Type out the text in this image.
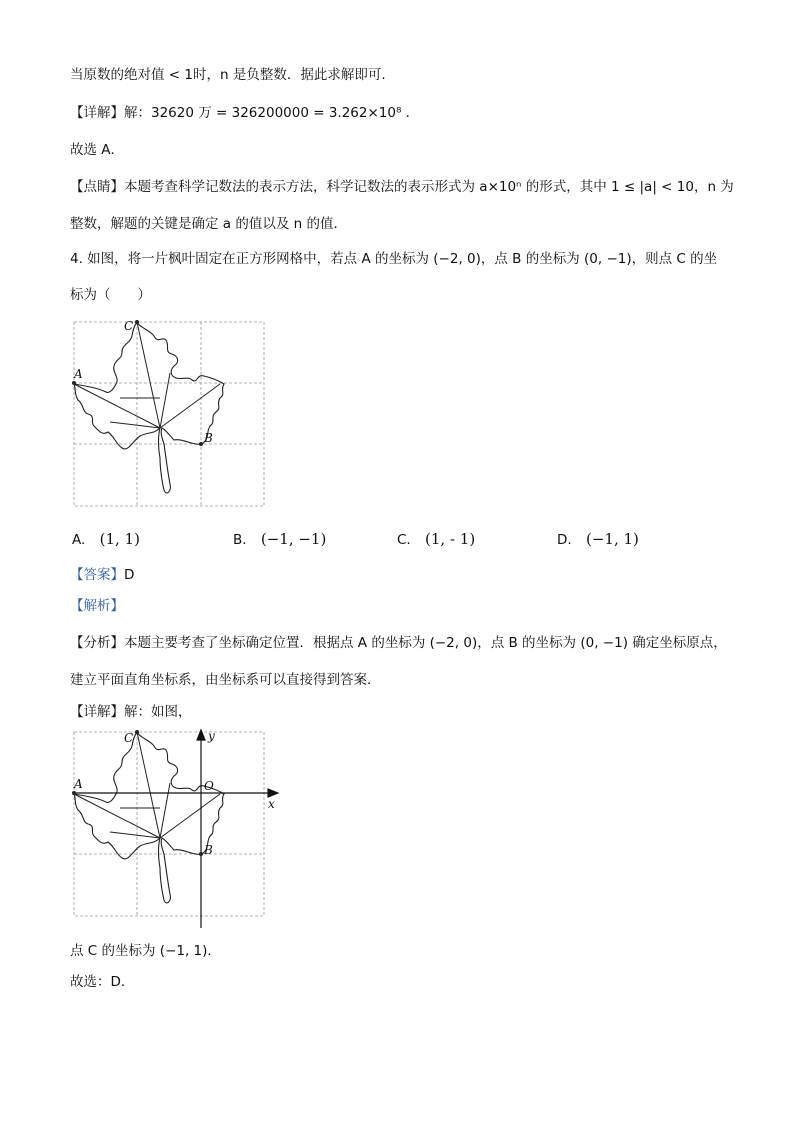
当原数的绝对值 < 1时，n 是负整数．据此求解即可．
【详解】解：32620 万 = 326200000 = 3.262×10⁸ ．
故选 A．
【点睛】本题考查科学记数法的表示方法，科学记数法的表示形式为 a×10ⁿ 的形式，其中 1 ≤ |a| < 10，n 为
整数，解题的关键是确定 a 的值以及 n 的值．
4. 如图，将一片枫叶固定在正方形网格中，若点 A 的坐标为 (−2, 0)，点 B 的坐标为 (0, −1)，则点 C 的坐
标为（　　）
C
A
B
A. (1, 1)	B. (−1, −1)	C. (1, - 1)	D. (−1, 1)
【答案】D
【解析】
【分析】本题主要考查了坐标确定位置．根据点 A 的坐标为 (−2, 0)，点 B 的坐标为 (0, −1) 确定坐标原点，
建立平面直角坐标系，由坐标系可以直接得到答案．
【详解】解：如图，
C
A
B
O
x
y
点 C 的坐标为 (−1, 1)．
故选：D．
